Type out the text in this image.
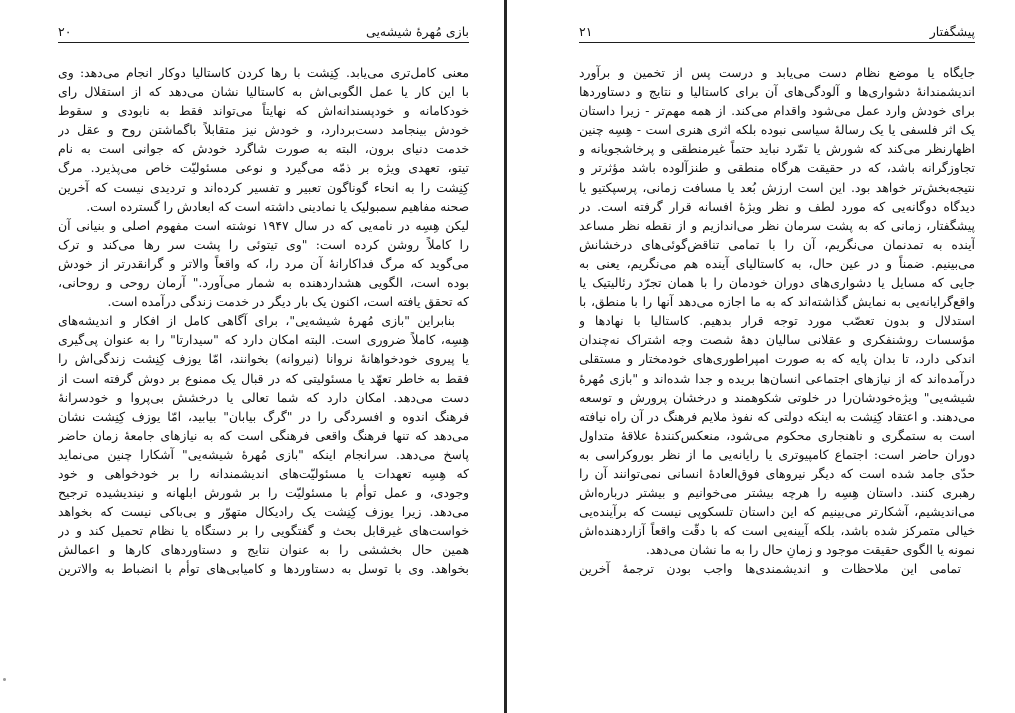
بازی مُهرهٔ شیشه‌یی
۲۰
معنی کامل‌تری می‌یابد. کِنِشت با رها کردن کاستالیا دوکار انجام می‌دهد: وی
با این کار یا عمل الگوبی‌اش به کاستالیا نشان می‌دهد که از استقلال رای
خودکامانه و خودپسندانه‌اش که نهایتاً می‌تواند فقط به نابودی و سقوط
خودش بینجامد دست‌بردارد، و خودش نیز متقابلاً باگماشتن روح و عقل در
خدمت دنیای برون، البته به صورت شاگرد خودش که جوانی است به نام
تیتو، تعهدی ویژه بر ذمّه می‌گیرد و نوعی مسئولیّت خاص می‌پذیرد. مرگ
کِنِشت را به انحاء گوناگون تعبیر و تفسیر کرده‌اند و تردیدی نیست که آخرین
صحنه مفاهیم سمبولیک یا نمادینی داشته است که ابعادش را گسترده است.
لیکن هِسِه در نامه‌یی که در سال ۱۹۴۷ نوشته است مفهوم اصلی و بنیانی آن
را کاملاً روشن کرده است: "وی تیتوئی را پشت سر رها می‌کند و ترک
می‌گوید که مرگ فداکارانهٔ آن مرد را، که واقعاً والاتر و گرانقدرتر از خودش
بوده است، الگویی هشداردهنده به شمار می‌آورد." آرمان روحی و روحانی،
که تحقق یافته است، اکنون یک بار دیگر در خدمت زندگی درآمده است.
بنابراین "بازی مُهرهٔ شیشه‌یی"، برای آگاهی کامل از افکار و اندیشه‌های
هِسِه، کاملاً ضروری است. البته امکان دارد که "سیدارتا" را به عنوان پی‌گیری
یا پیروی خودخواهانهٔ نروانا (نیروانه) بخوانند، امّا یوزف کِنِشت زندگی‌اش را
فقط به خاطر تعهّد یا مسئولیتی که در قبال یک ممنوع بر دوش گرفته است از
دست می‌دهد. امکان دارد که شما تعالی یا درخشش بی‌پروا و خودسرانهٔ
فرهنگ اندوه و افسردگی را در "گرگ بیابان" بیابید، امّا یوزف کِنِشت نشان
می‌دهد که تنها فرهنگ واقعی فرهنگی است که به نیازهای جامعهٔ زمان حاضر
پاسخ می‌دهد. سرانجام اینکه "بازی مُهرهٔ شیشه‌یی" آشکارا چنین می‌نماید
که هِسِه تعهدات یا مسئولیّت‌های اندیشمندانه را بر خودخواهی و خود
وجودی، و عمل توأم با مسئولیّت را بر شورش ابلهانه و نیندیشیده ترجیح
می‌دهد. زیرا یوزف کِنِشت یک رادیکال متهوّر و بی‌باکی نیست که بخواهد
خواست‌های غیرقابل بحث و گفتگویی را بر دستگاه یا نظام تحمیل کند و در
همین حال بخششی را به عنوان نتایج و دستاوردهای کارها و اعمالش
بخواهد. وی با توسل به دستاوردها و کامیابی‌های توأم با انضباط به والاترین
پیشگفتار
۲۱
جایگاه یا موضع نظام دست می‌یابد و درست پس از تخمین و برآورد
اندیشمندانهٔ دشواری‌ها و آلودگی‌های آن برای کاستالیا و نتایج و دستاوردها
برای خودش وارد عمل می‌شود واقدام می‌کند. از همه مهم‌تر - زیرا داستان
یک اثر فلسفی یا یک رسالهٔ سیاسی نبوده بلکه اثری هنری است - هِسِه چنین
اظهارنظر می‌کند که شورش یا تمّرد نباید حتماً غیرمنطقی و پرخاشجویانه و
تجاوزگرانه باشد، که در حقیقت هرگاه منطقی و طنزآلوده باشد مؤثرتر و
نتیجه‌بخش‌تر خواهد بود. این است ارزش بُعد یا مسافت زمانی، پرسپکتیو یا
دیدگاه دوگانه‌یی که مورد لطف و نظر ویژهٔ افسانه قرار گرفته است. در
پیشگفتار، زمانی که به پشت سرمان نظر می‌اندازیم و از نقطه نظر مساعد
آینده به تمدنمان می‌نگریم، آن را با تمامی تناقض‌گوئی‌های درخشانش
می‌بینیم. ضمناً و در عین حال، به کاستالیای آینده هم می‌نگریم، یعنی به
جایی که مسایل یا دشواری‌های دوران خودمان را با همان تجرّد رئالیتیک یا
واقع‌گرایانه‌یی به نمایش گذاشته‌اند که به ما اجازه می‌دهد آنها را با منطق، با
استدلال و بدون تعصّب مورد توجه قرار بدهیم. کاستالیا با نهادها و
مؤسسات روشنفکری و عقلانی سالیان دههٔ شصت وجه اشتراک نه‌چندان
اندکی دارد، تا بدان پایه که به صورت امپراطوری‌های خودمختار و مستقلی
درآمده‌اند که از نیازهای اجتماعی انسان‌ها بریده و جدا شده‌اند و "بازی مُهرهٔ
شیشه‌یی" ویژه‌خودشان‌را در خلوتی شکوهمند و درخشان پرورش و توسعه
می‌دهند. و اعتقاد کِنِشت به اینکه دولتی که نفوذ ملایم فرهنگ در آن راه نیافته
است به ستمگری و ناهنجاری محکوم می‌شود، منعکس‌کنندهٔ علاقهٔ متداول
دوران حاضر است: اجتماع کامپیوتری یا رایانه‌یی ما از نظر بوروکراسی به
حدّی جامد شده است که دیگر نیروهای فوق‌العادهٔ انسانی نمی‌توانند آن را
رهبری کنند. داستان هِسِه را هرچه بیشتر می‌خوانیم و بیشتر درباره‌اش
می‌اندیشیم، آشکارتر می‌بینیم که این داستان تلسکوپی نیست که برآینده‌یی
خیالی متمرکز شده باشد، بلکه آیینه‌یی است که با دقّت واقعاً آزاردهنده‌اش
نمونه یا الگوی حقیقت موجود و زمانِ حال را به ما نشان می‌دهد.
تمامی این ملاحظات و اندیشمندی‌ها واجب بودن ترجمهٔ آخرین
